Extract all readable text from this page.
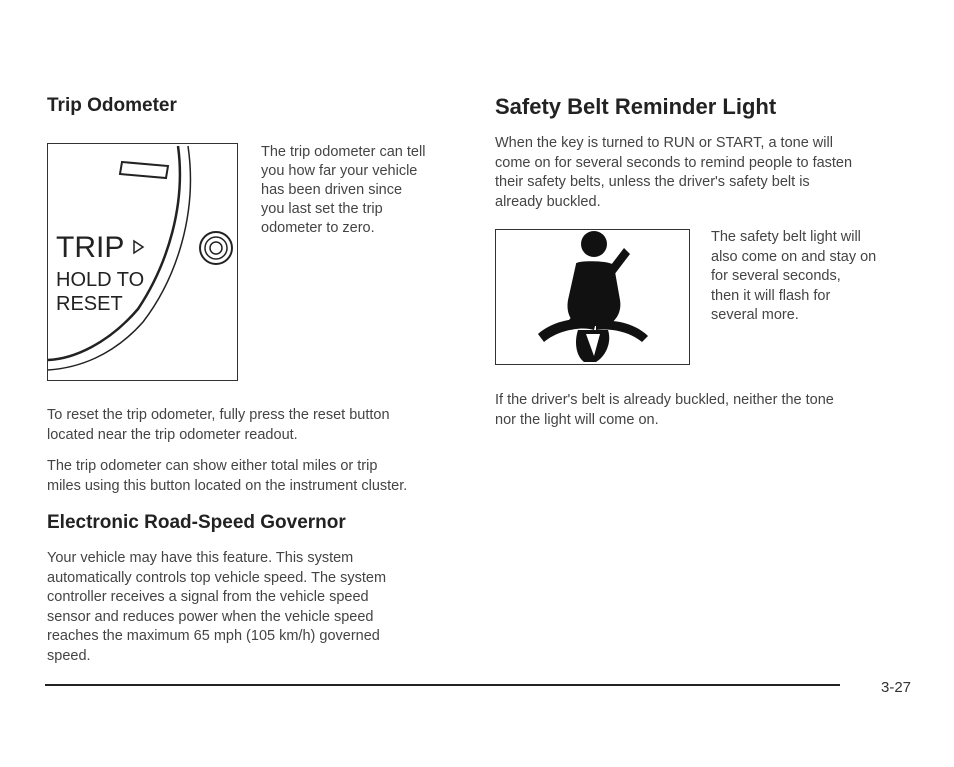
Trip Odometer
TRIP
HOLD TO
RESET
The trip odometer can tell
you how far your vehicle
has been driven since
you last set the trip
odometer to zero.
To reset the trip odometer, fully press the reset button
located near the trip odometer readout.
The trip odometer can show either total miles or trip
miles using this button located on the instrument cluster.
Electronic Road-Speed Governor
Your vehicle may have this feature. This system
automatically controls top vehicle speed. The system
controller receives a signal from the vehicle speed
sensor and reduces power when the vehicle speed
reaches the maximum 65 mph (105 km/h) governed
speed.
Safety Belt Reminder Light
When the key is turned to RUN or START, a tone will
come on for several seconds to remind people to fasten
their safety belts, unless the driver's safety belt is
already buckled.
The safety belt light will
also come on and stay on
for several seconds,
then it will flash for
several more.
If the driver's belt is already buckled, neither the tone
nor the light will come on.
3-27
